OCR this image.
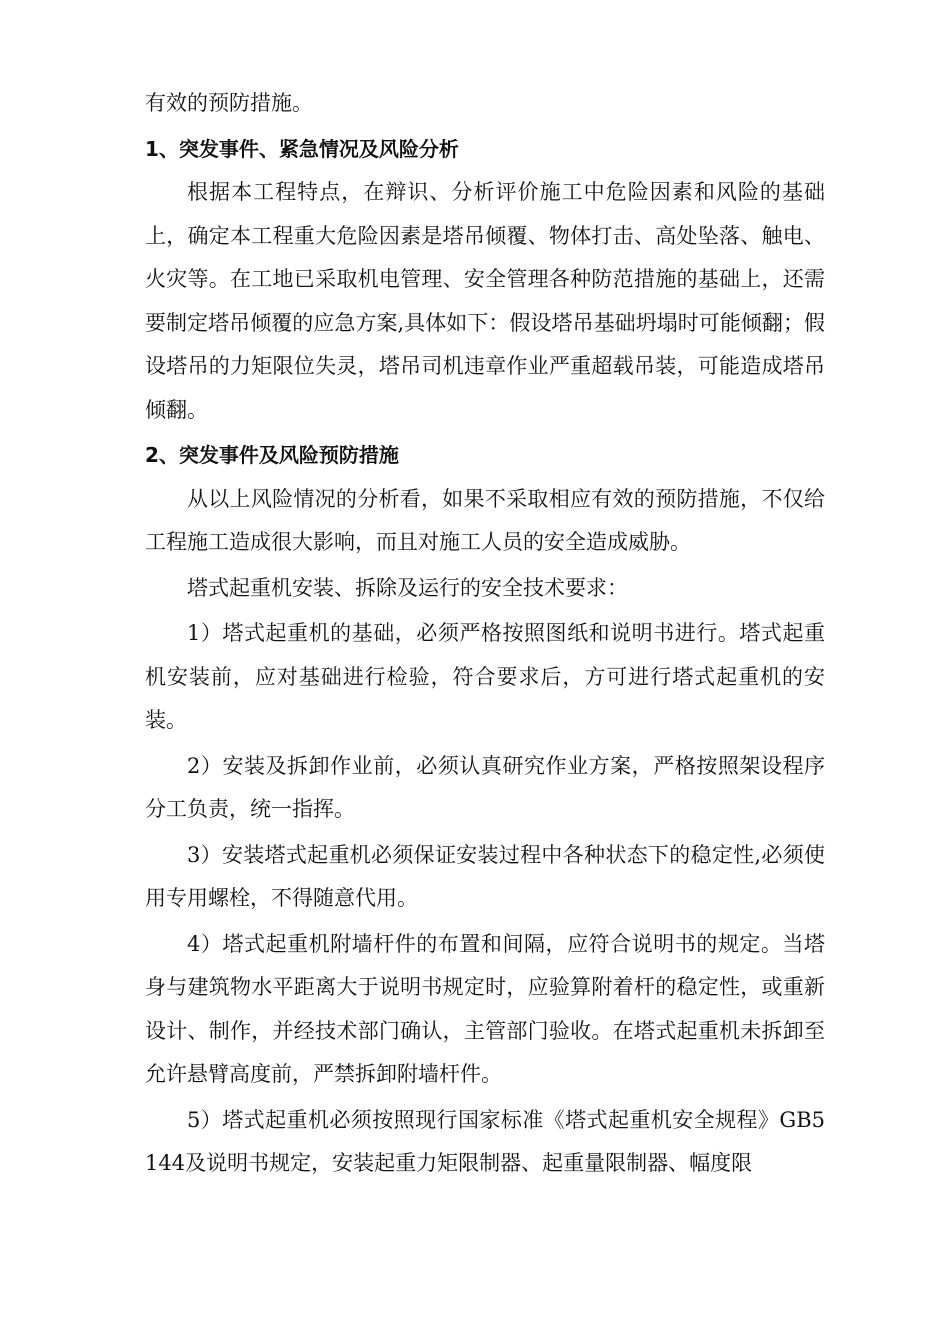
有效的预防措施。

1、突发事件、紧急情况及风险分析

根据本工程特点，在辩识、分析评价施工中危险因素和风险的基础上，确定本工程重大危险因素是塔吊倾覆、物体打击、高处坠落、触电、火灾等。在工地已采取机电管理、安全管理各种防范措施的基础上，还需要制定塔吊倾覆的应急方案,具体如下：假设塔吊基础坍塌时可能倾翻；假设塔吊的力矩限位失灵，塔吊司机违章作业严重超载吊装，可能造成塔吊倾翻。

2、突发事件及风险预防措施

从以上风险情况的分析看，如果不采取相应有效的预防措施，不仅给工程施工造成很大影响，而且对施工人员的安全造成威胁。

塔式起重机安装、拆除及运行的安全技术要求：

1）塔式起重机的基础，必须严格按照图纸和说明书进行。塔式起重机安装前，应对基础进行检验，符合要求后，方可进行塔式起重机的安装。

2）安装及拆卸作业前，必须认真研究作业方案，严格按照架设程序分工负责，统一指挥。

3）安装塔式起重机必须保证安装过程中各种状态下的稳定性,必须使用专用螺栓，不得随意代用。

4）塔式起重机附墙杆件的布置和间隔，应符合说明书的规定。当塔身与建筑物水平距离大于说明书规定时，应验算附着杆的稳定性，或重新设计、制作，并经技术部门确认，主管部门验收。在塔式起重机未拆卸至允许悬臂高度前，严禁拆卸附墙杆件。

5）塔式起重机必须按照现行国家标准《塔式起重机安全规程》GB5144及说明书规定，安装起重力矩限制器、起重量限制器、幅度限
